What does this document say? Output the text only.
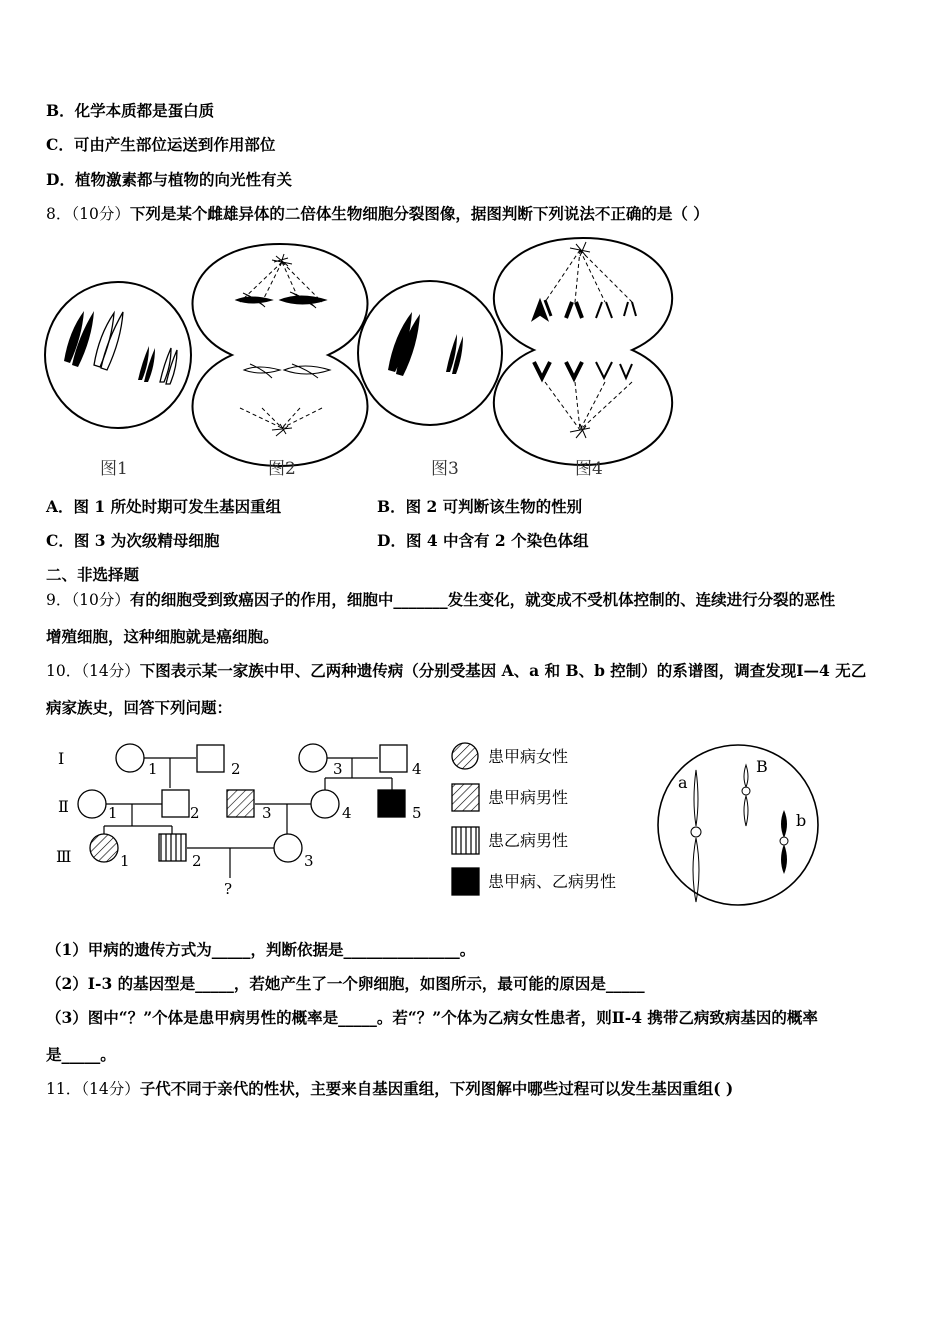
B．化学本质都是蛋白质
C．可由产生部位运送到作用部位
D．植物激素都与植物的向光性有关
8．（10分）下列是某个雌雄异体的二倍体生物细胞分裂图像，据图判断下列说法不正确的是（ ）
图1	图2	图3	图4
A．图 1 所处时期可发生基因重组	B．图 2 可判断该生物的性别
C．图 3 为次级精母细胞	D．图 4 中含有 2 个染色体组
二、非选择题
9．（10分）有的细胞受到致癌因子的作用，细胞中_______发生变化，就变成不受机体控制的、连续进行分裂的恶性
增殖细胞，这种细胞就是癌细胞。
10．（14分）下图表示某一家族中甲、乙两种遗传病（分别受基因 A、a 和 B、b 控制）的系谱图，调查发现Ⅰ—4 无乙
病家族史，回答下列问题：
Ⅰ
Ⅱ
Ⅲ
1	2	3	4
1	2	3	4	5
1	2	3
?
患甲病女性
患甲病男性
患乙病男性
患甲病、乙病男性
a
B
b
（1）甲病的遗传方式为_____，判断依据是_______________。
（2）Ⅰ-3 的基因型是_____，若她产生了一个卵细胞，如图所示，最可能的原因是_____
（3）图中“？”个体是患甲病男性的概率是_____。若“？”个体为乙病女性患者，则Ⅱ-4 携带乙病致病基因的概率
是_____。
11．（14分）子代不同于亲代的性状，主要来自基因重组，下列图解中哪些过程可以发生基因重组( )
